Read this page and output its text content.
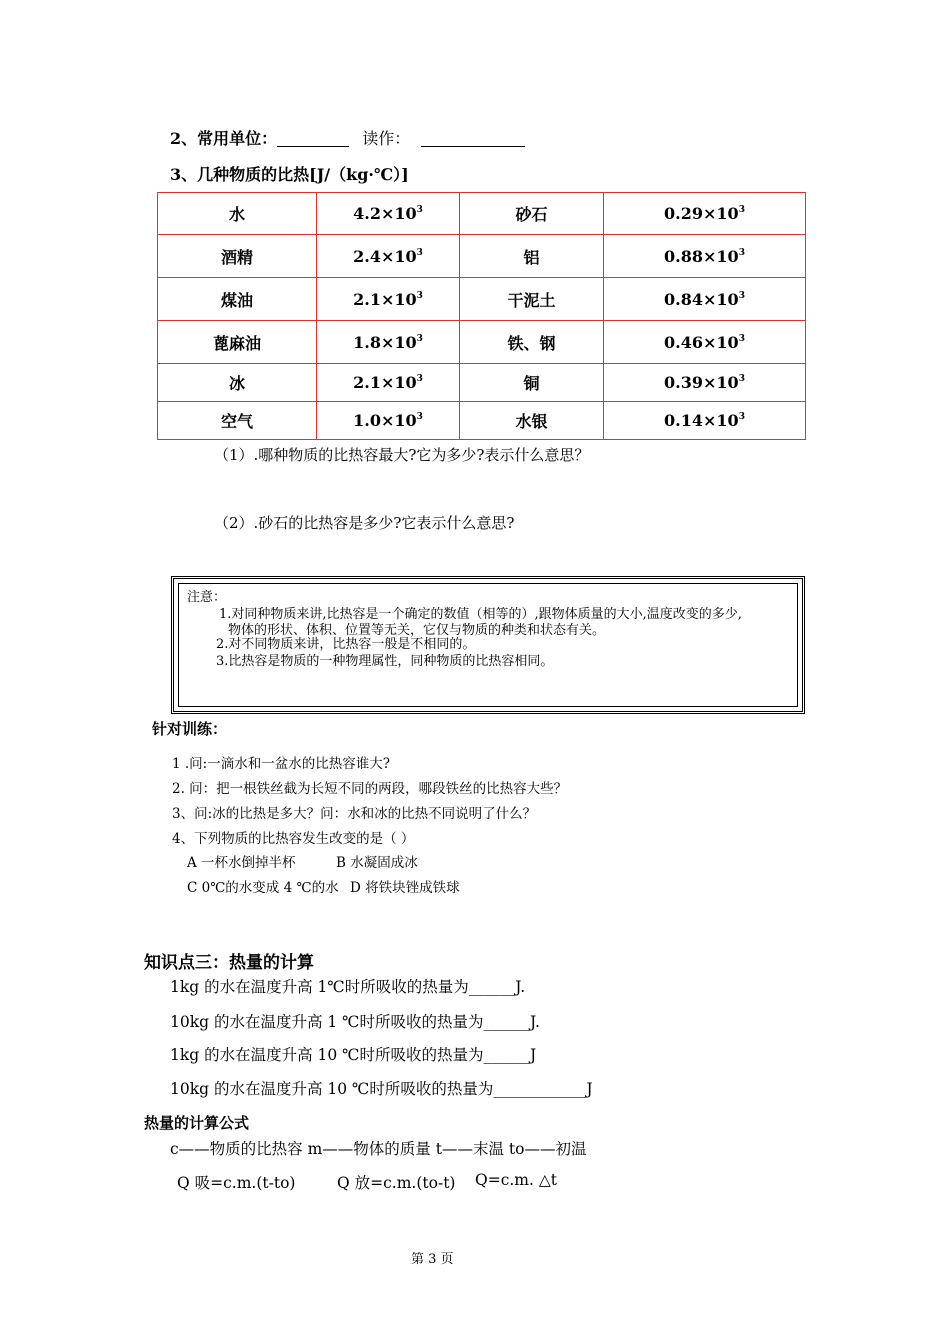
2、常用单位：	读作：
3、几种物质的比热[J/（kg·℃）]
水	$4.2\times 10^3$	砂石	$0.29\times 10^3$
酒精	$2.4\times 10^3$	铝	$0.88\times 10^3$
煤油	$2.1\times 10^3$	干泥土	$0.84\times 10^3$
蓖麻油	$1.8\times 10^3$	铁、钢	$0.46\times 10^3$
冰	$2.1\times 10^3$	铜	$0.39\times 10^3$
空气	$1.0\times 10^3$	水银	$0.14\times 10^3$
（1）.哪种物质的比热容最大?它为多少?表示什么意思？
（2）.砂石的比热容是多少?它表示什么意思?
注意：
1.对同种物质来讲,比热容是一个确定的数值（相等的）,跟物体质量的大小,温度改变的多少,
物体的形状、体积、位置等无关，它仅与物质的种类和状态有关。
2.对不同物质来讲，比热容一般是不相同的。
3.比热容是物质的一种物理属性，同种物质的比热容相同。
针对训练：
1 .问:一滴水和一盆水的比热容谁大?
2. 问：把一根铁丝截为长短不同的两段，哪段铁丝的比热容大些？
3、问:冰的比热是多大？问：水和冰的比热不同说明了什么？
4、下列物质的比热容发生改变的是（ ）
A 一杯水倒掉半杯	B 水凝固成冰
C 0℃的水变成 4 ℃的水 D 将铁块锉成铁球
知识点三：热量的计算
1kg 的水在温度升高 1℃时所吸收的热量为______J.
10kg 的水在温度升高 1 ℃时所吸收的热量为______J.
1kg 的水在温度升高 10 ℃时所吸收的热量为______J
10kg 的水在温度升高 10 ℃时所吸收的热量为____________J
热量的计算公式
c——物质的比热容 m——物体的质量 t——末温 to——初温
Q 吸=c.m.(t-to)	Q 放=c.m.(to-t) Q=c.m. △t
第 3 页
